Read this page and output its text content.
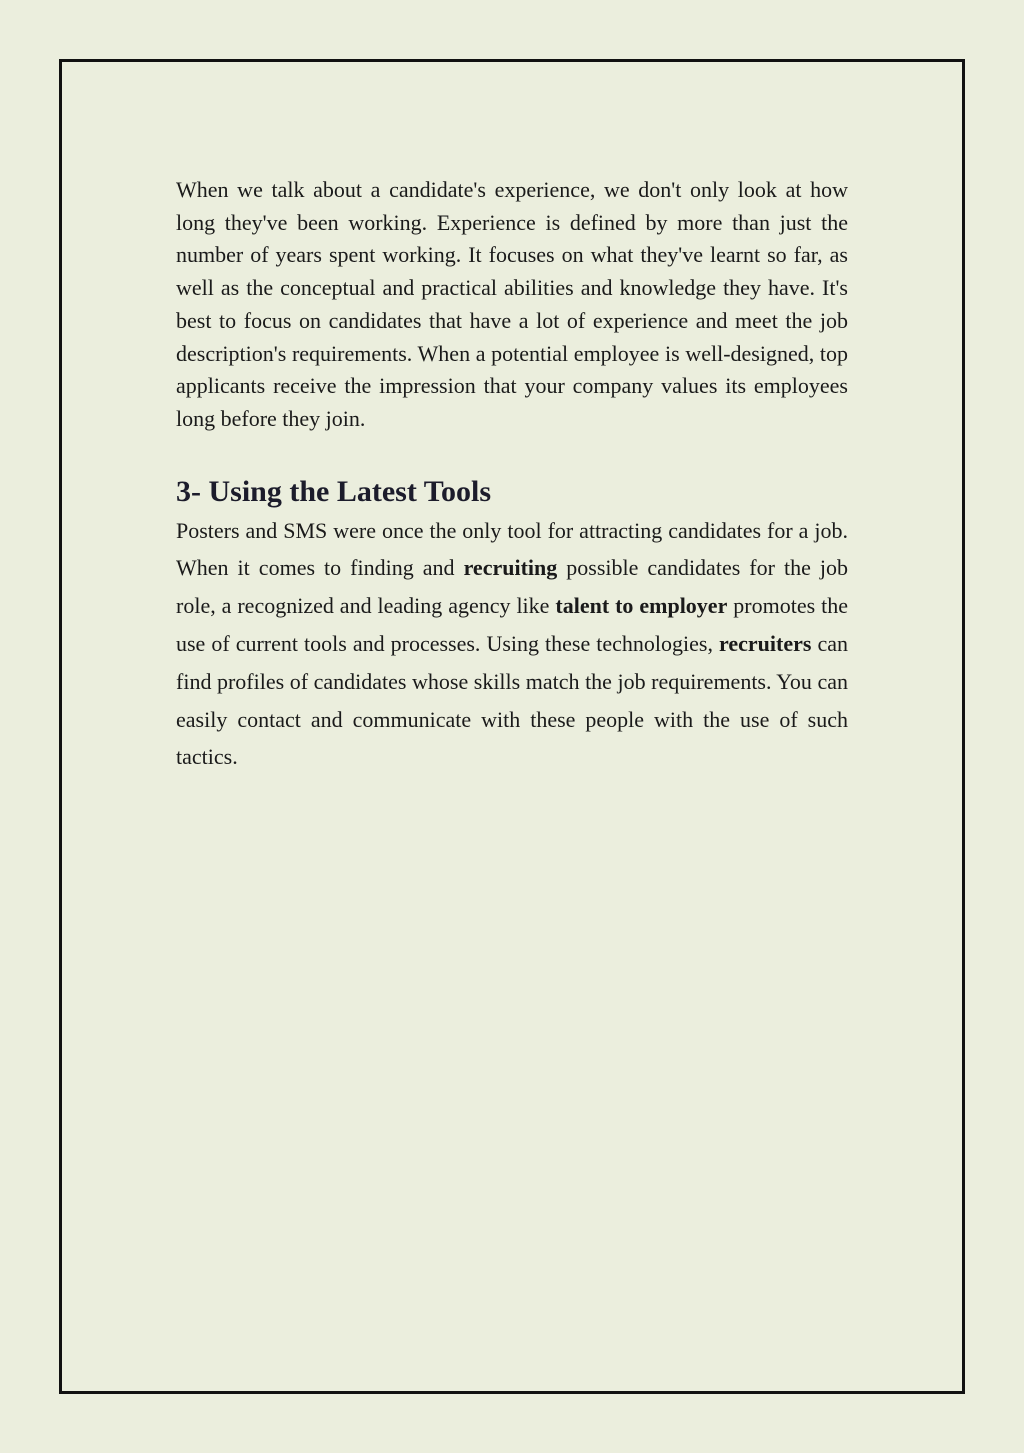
When we talk about a candidate's experience, we don't only look at how long they've been working. Experience is defined by more than just the number of years spent working. It focuses on what they've learnt so far, as well as the conceptual and practical abilities and knowledge they have. It's best to focus on candidates that have a lot of experience and meet the job description's requirements. When a potential employee is well-designed, top applicants receive the impression that your company values its employees long before they join.

3- Using the Latest Tools

Posters and SMS were once the only tool for attracting candidates for a job. When it comes to finding and recruiting possible candidates for the job role, a recognized and leading agency like talent to employer promotes the use of current tools and processes. Using these technologies, recruiters can find profiles of candidates whose skills match the job requirements. You can easily contact and communicate with these people with the use of such tactics.
